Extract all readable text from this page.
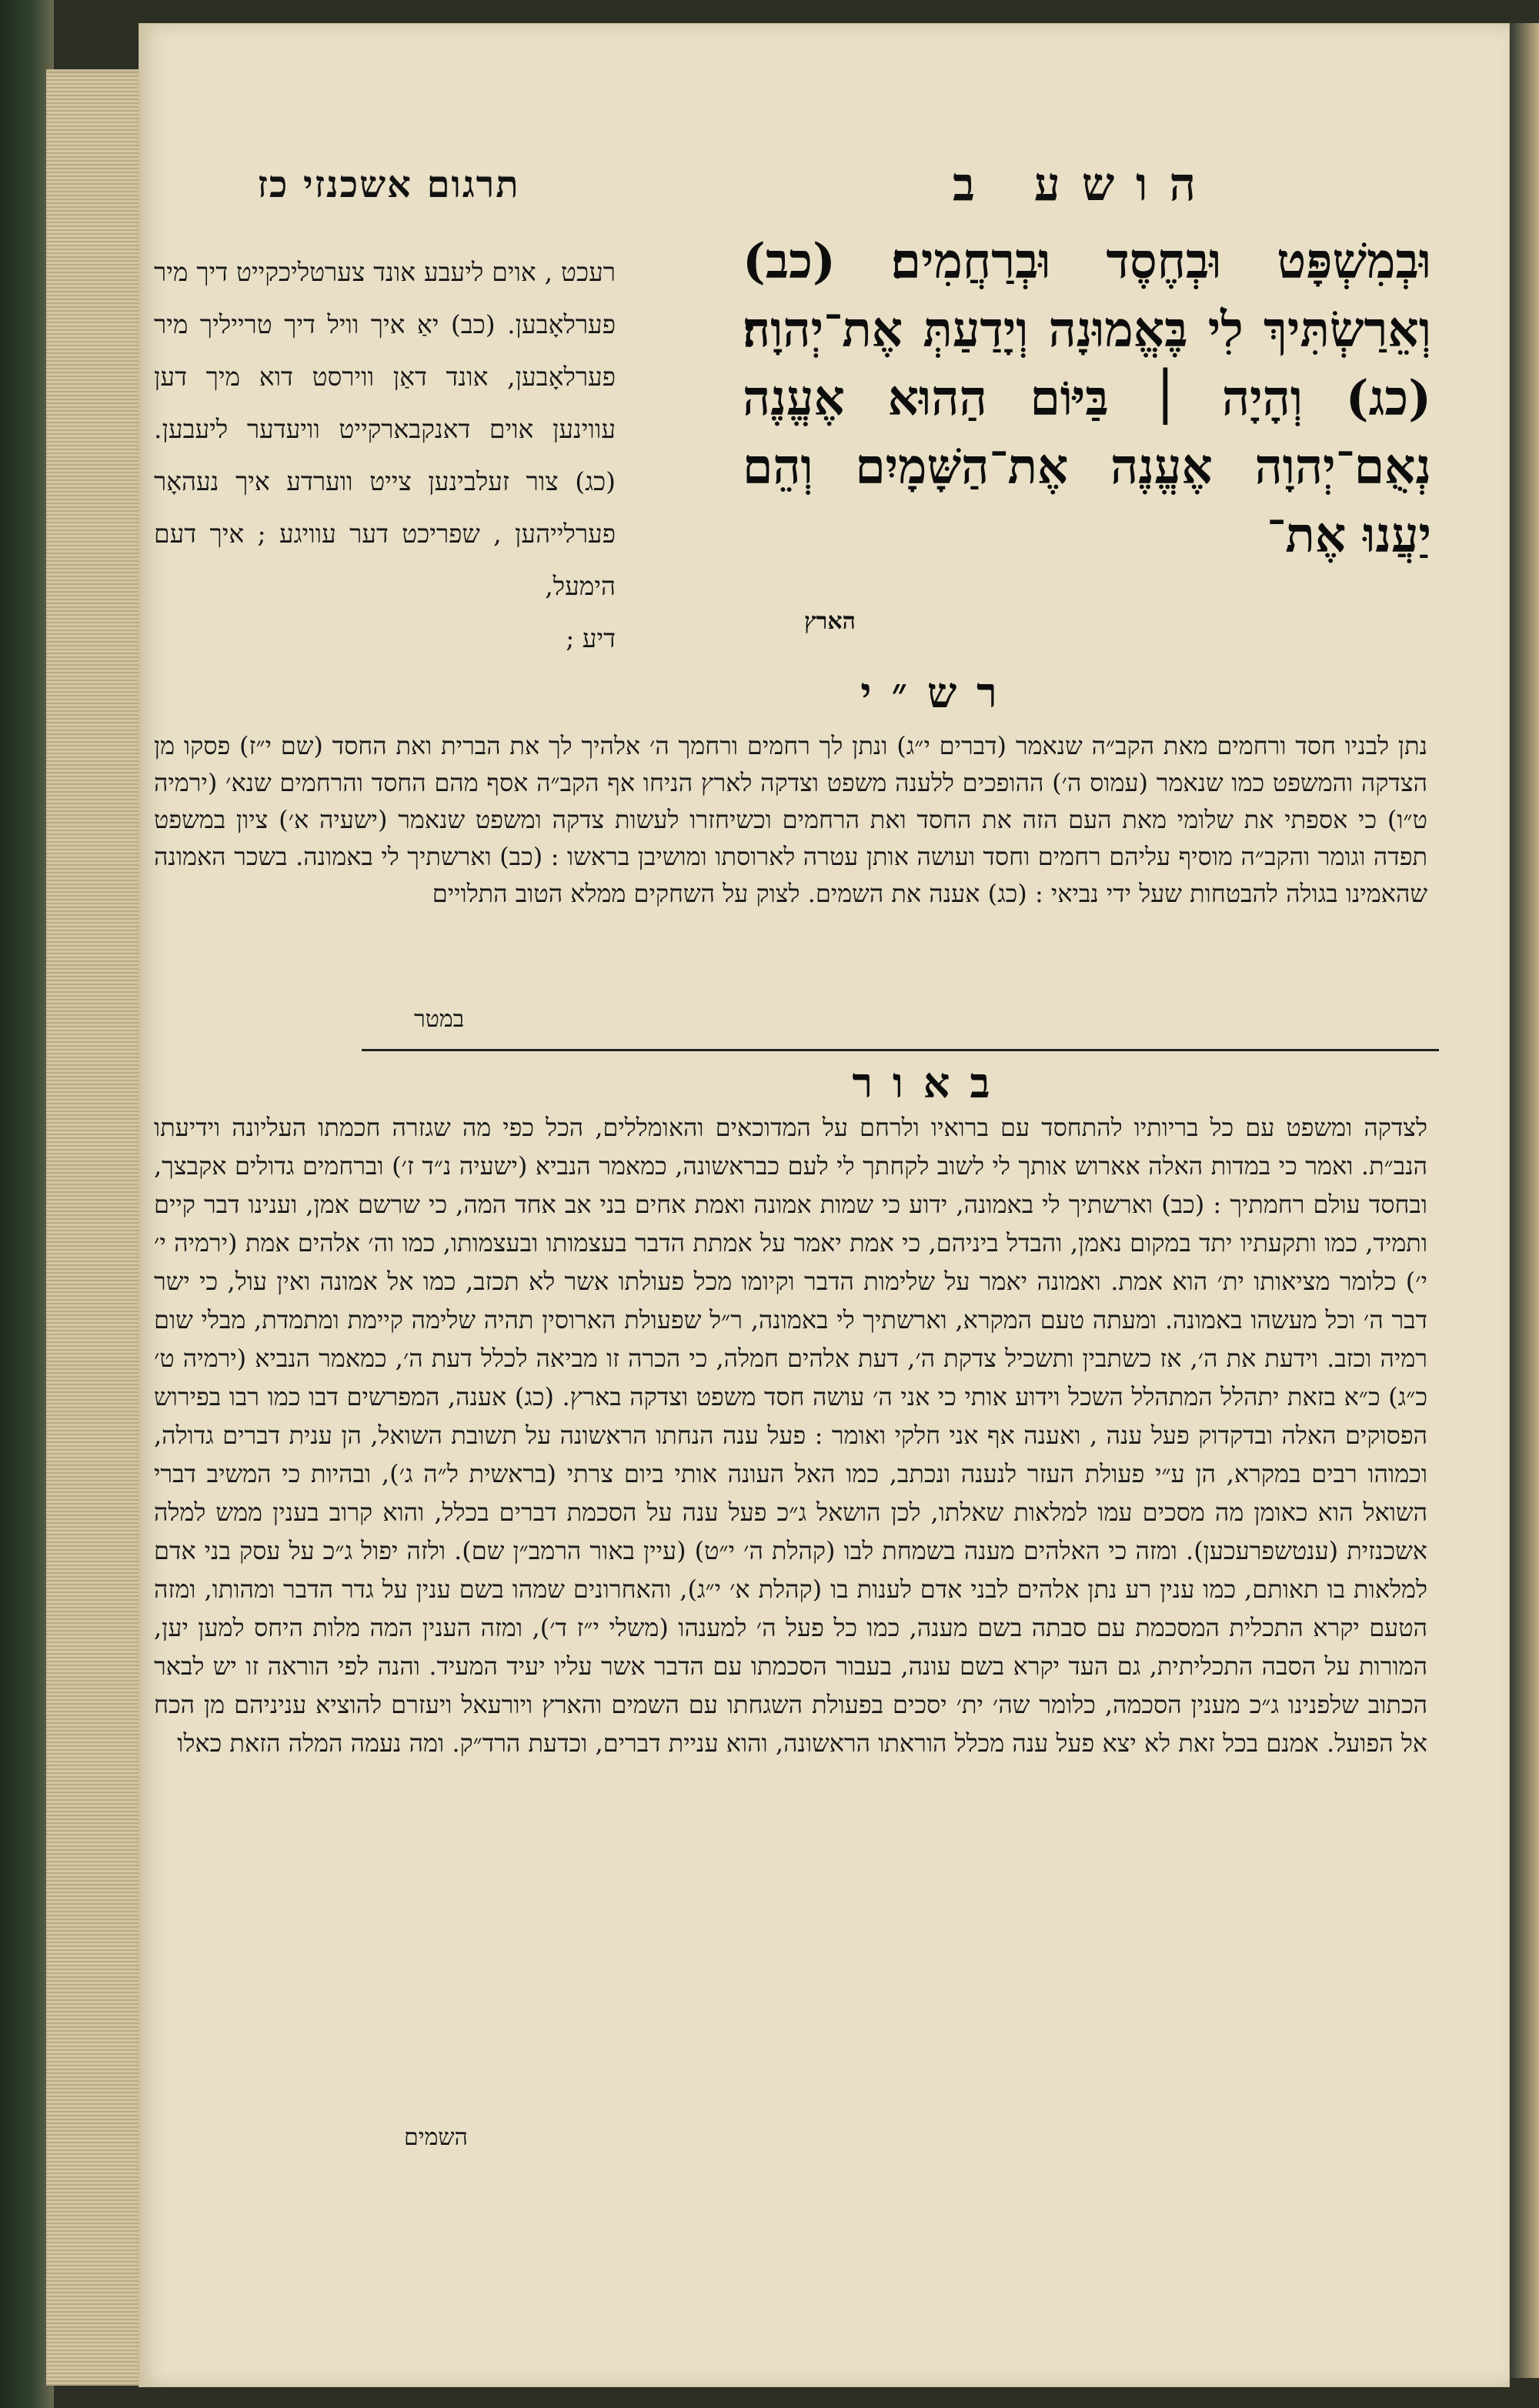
תרגום אשכנזי כז	הושע ב
רעכט , אוים ליעבע אונד צערטליכקייט דיך מיר פערלאָבען. (כב) יאַ איך וויל דיך טרייליך מיר פערלאָבען, אונד דאַן ווירסט דוא מיך דען עווינען אוים דאנקבארקייט וויעדער ליעבען. (כג) צור זעלבינען צייט ווערדע איך נעהאָר פערלייהען , שפריכט דער עוויגע ; איך דעם הימעל,
דיע ;
וּבְמִשְׁפָּט וּבְחֶסֶד וּבְרַחֲמִים׃ (כב) וְאֵרַשְׂתִּיךְ לִי בֶּאֱמוּנָה וְיָדַעַתְּ אֶת־יְהוָה׃ (כג) וְהָיָה ׀ בַּיּוֹם הַהוּא אֶעֱנֶה נְאֻם־יְהוָה אֶעֱנֶה אֶת־הַשָּׁמָיִם וְהֵם יַעֲנוּ אֶת־
הארץ
רש״י
נתן לבניו חסד ורחמים מאת הקב״ה שנאמר (דברים י״ג) ונתן לך רחמים ורחמך ה׳ אלהיך לך את הברית ואת החסד (שם י״ז) פסקו מן הצדקה והמשפט כמו שנאמר (עמוס ה׳) ההופכים ללענה משפט וצדקה לארץ הניחו אף הקב״ה אסף מהם החסד והרחמים שנא׳ (ירמיה ט״ו) כי אספתי את שלומי מאת העם הזה את החסד ואת הרחמים וכשיחזרו לעשות צדקה ומשפט שנאמר (ישעיה א׳) ציון במשפט תפדה וגומר והקב״ה מוסיף עליהם רחמים וחסד ועושה אותן עטרה לארוסתו ומושיבן בראשו : (כב) וארשתיך לי באמונה. בשכר האמונה שהאמינו בגולה להבטחות שעל ידי נביאי : (כג) אענה את השמים. לצוק על השחקים ממלא הטוב התלויים
במטר
באור
לצדקה ומשפט עם כל בריותיו להתחסד עם ברואיו ולרחם על המדוכאים והאומללים, הכל כפי מה שגזרה חכמתו העליונה וידיעתו הנב״ת. ואמר כי במדות האלה אארוש אותך לי לשוב לקחתך לי לעם כבראשונה, כמאמר הנביא (ישעיה נ״ד ז׳) וברחמים גדולים אקבצך, ובחסד עולם רחמתיך : (כב) וארשתיך לי באמונה, ידוע כי שמות אמונה ואמת אחים בני אב אחד המה, כי שרשם אמן, וענינו דבר קיים ותמיד, כמו ותקעתיו יתד במקום נאמן, והבדל ביניהם, כי אמת יאמר על אמתת הדבר בעצמותו ובעצמותו, כמו וה׳ אלהים אמת (ירמיה י׳ י׳) כלומר מציאותו ית׳ הוא אמת. ואמונה יאמר על שלימות הדבר וקיומו מכל פעולתו אשר לא תכזב, כמו אל אמונה ואין עול, כי ישר דבר ה׳ וכל מעשהו באמונה. ומעתה טעם המקרא, וארשתיך לי באמונה, ר״ל שפעולת הארוסין תהיה שלימה קיימת ומתמדת, מבלי שום רמיה וכזב. וידעת את ה׳, אז כשתבין ותשכיל צדקת ה׳, דעת אלהים חמלה, כי הכרה זו מביאה לכלל דעת ה׳, כמאמר הנביא (ירמיה ט׳ כ״ג) כ״א בזאת יתהלל המתהלל השכל וידוע אותי כי אני ה׳ עושה חסד משפט וצדקה בארץ. (כג) אענה, המפרשים דבו כמו רבו בפירוש הפסוקים האלה ובדקדוק פעל ענה , ואענה אף אני חלקי ואומר : פעל ענה הנחתו הראשונה על תשובת השואל, הן ענית דברים גדולה, וכמוהו רבים במקרא, הן ע״י פעולת העזר לנענה ונכתב, כמו האל העונה אותי ביום צרתי (בראשית ל״ה ג׳), ובהיות כי המשיב דברי השואל הוא כאומן מה מסכים עמו למלאות שאלתו, לכן הושאל ג״כ פעל ענה על הסכמת דברים בכלל, והוא קרוב בענין ממש למלה אשכנזית (ענטשפרעכען). ומזה כי האלהים מענה בשמחת לבו (קהלת ה׳ י״ט) (עיין באור הרמב״ן שם). ולזה יפול ג״כ על עסק בני אדם למלאות בו תאותם, כמו ענין רע נתן אלהים לבני אדם לענות בו (קהלת א׳ י״ג), והאחרונים שמהו בשם ענין על גדר הדבר ומהותו, ומזה הטעם יקרא התכלית המסכמת עם סבתה בשם מענה, כמו כל פעל ה׳ למענהו (משלי י״ז ד׳), ומזה הענין המה מלות היחס למען יען, המורות על הסבה התכליתית, גם העד יקרא בשם עונה, בעבור הסכמתו עם הדבר אשר עליו יעיד המעיד. והנה לפי הוראה זו יש לבאר הכתוב שלפנינו ג״כ מענין הסכמה, כלומר שה׳ ית׳ יסכים בפעולת השגחתו עם השמים והארץ ויורעאל ויעזרם להוציא עניניהם מן הכח אל הפועל. אמנם בכל זאת לא יצא פעל ענה מכלל הוראתו הראשונה, והוא עניית דברים, וכדעת הרד״ק. ומה נעמה המלה הזאת כאלו
השמים
